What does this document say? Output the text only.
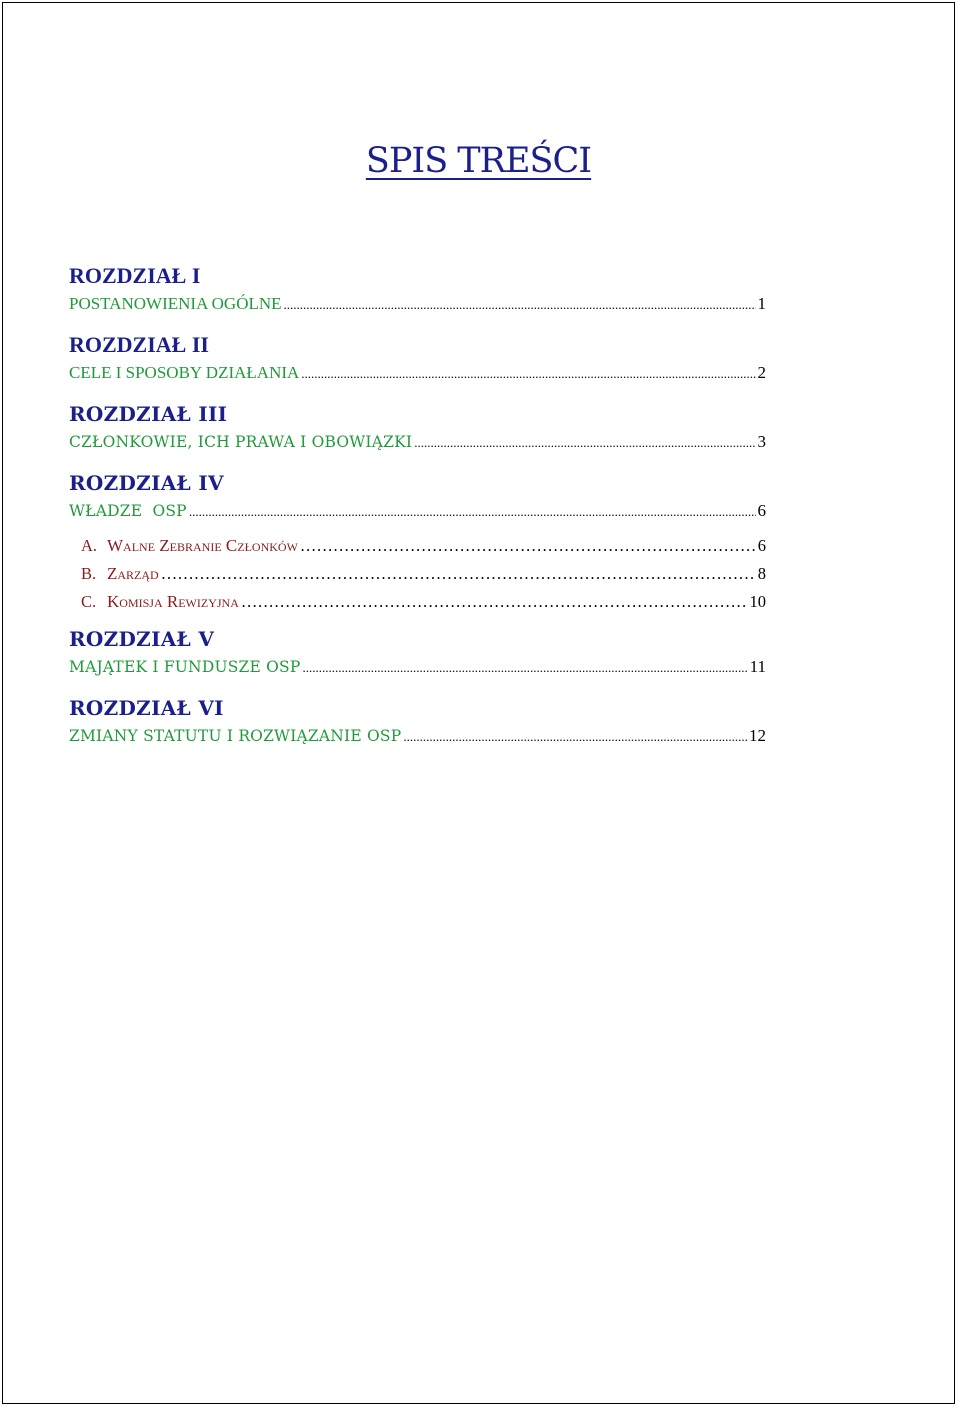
SPIS TREŚCI
ROZDZIAŁ I
POSTANOWIENIA OGÓLNE .....	1
ROZDZIAŁ II
CELE I SPOSOBY DZIAŁANIA .....	2
ROZDZIAŁ III
CZŁONKOWIE, ICH PRAWA I OBOWIĄZKI .....	3
ROZDZIAŁ IV
WŁADZE  OSP .....	6
A. Walne Zebranie Członków …………………………………………………………………………………………………………………………………………………………………………………………	6
B. Zarząd …………………………………………………………………………………………………………………………………………………………………………………………	8
C. Komisja Rewizyjna …………………………………………………………………………………………………………………………………………………………………………………………	10
ROZDZIAŁ V
MAJĄTEK I FUNDUSZE OSP .....	11
ROZDZIAŁ VI
ZMIANY STATUTU I ROZWIĄZANIE OSP .....	12
